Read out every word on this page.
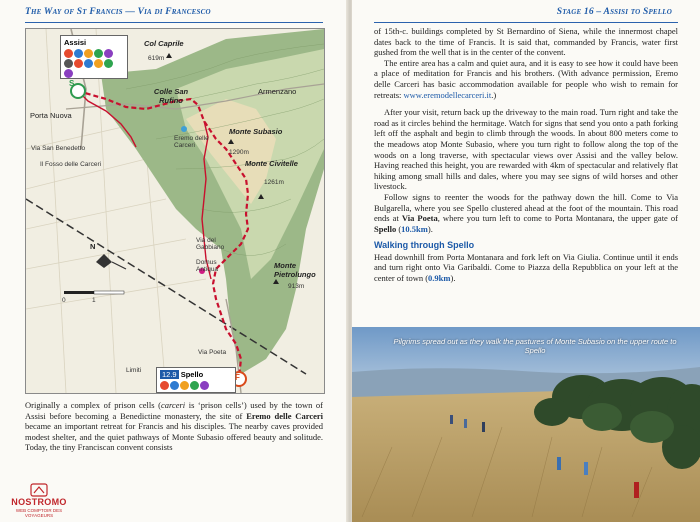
The Way of St Francis — Via di Francesco
Assisi
S
12.9 Spello	F
Col Caprile
619m
Colle San Rufino
Armenzano
Porta Nuova
Eremo delle Carceri
Via San Benedetto
Il Fosso delle Carceri
Monte Subasio
1290m
Monte Civitelle
1261m
Via del Gabbiano
Domus Antiqua	Monte Pietrolungo
913m
Via Poeta
Limiti
N
0	1

Originally a complex of prison cells (carceri is ‘prison cells’) used by the town of Assisi before becoming a Benedictine monastery, the site of Eremo delle Carceri became an important retreat for Francis and his disciples. The nearby caves provided modest shelter, and the quiet pathways of Monte Subasio offered beauty and solitude. Today, the tiny Franciscan convent consists

NOSTROMO
WEB COMPTOIR DES VOYAGEURS
Stage 16 – Assisi to Spello

of 15th-c. buildings completed by St Bernardino of Siena, while the innermost chapel dates back to the time of Francis. It is said that, commanded by Francis, water first gushed from the well that is in the center of the convent.

The entire area has a calm and quiet aura, and it is easy to see how it could have been a place of meditation for Francis and his brothers. (With advance permission, Eremo delle Carceri has basic accommodation available for people who wish to remain for retreats: www.eremodellecarceri.it.)

After your visit, return back up the driveway to the main road. Turn right and take the road as it circles behind the hermitage. Watch for signs that send you onto a path forking left off the asphalt and begin to climb through the woods. In about 800 meters come to the meadows atop Monte Subasio, where you turn right to follow along the top of the woods on a long traverse, with spectacular views over Assisi and the valley below. Having reached this height, you are rewarded with 4km of spectacular and relatively flat hiking among small hills and dales, where you may see signs of wild horses and other livestock.

Follow signs to reenter the woods for the pathway down the hill. Come to Via Bulgarella, where you see Spello clustered ahead at the foot of the mountain. This road ends at Via Poeta, where you turn left to come to Porta Montanara, the upper gate of Spello (10.5km).

Walking through Spello

Head downhill from Porta Montanara and fork left on Via Giulia. Continue until it ends and turn right onto Via Garibaldi. Come to Piazza della Repubblica on your left at the center of town (0.9km).

Pilgrims spread out as they walk the pastures of Monte Subasio on the upper route to Spello
